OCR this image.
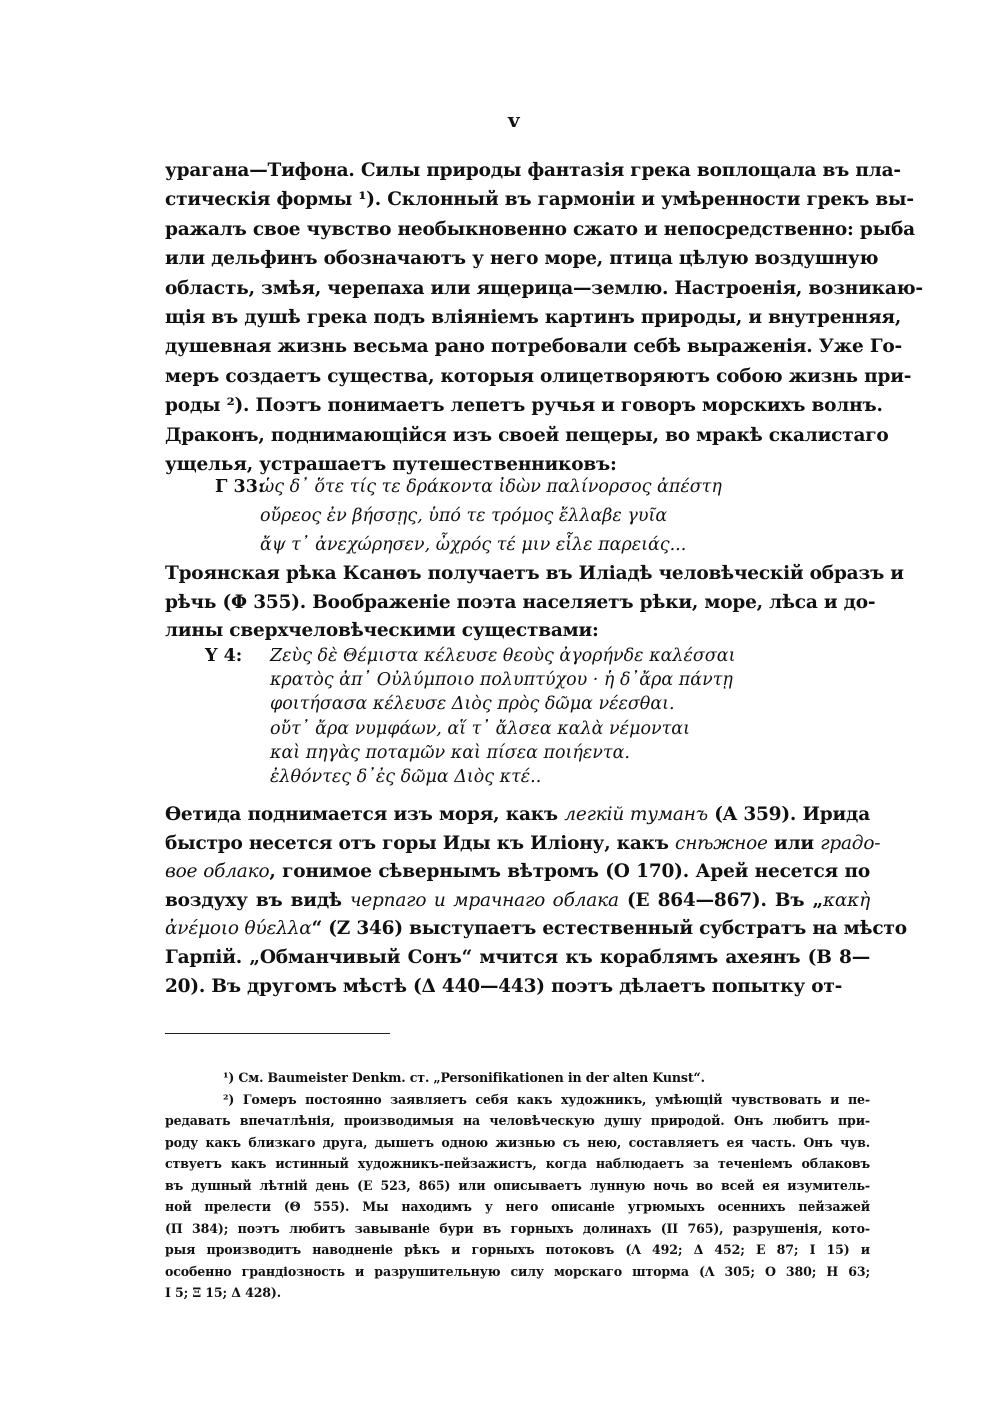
v
урагана—Тифона. Силы природы фантазія грека воплощала въ пла-
стическія формы ¹). Склонный въ гармоніи и умѣренности грекъ вы-
ражалъ свое чувство необыкновенно сжато и непосредственно: рыба
или дельфинъ обозначаютъ у него море, птица цѣлую воздушную
область, змѣя, черепаха или ящерица—землю. Настроенія, возникаю-
щія въ душѣ грека подъ вліяніемъ картинъ природы, и внутренняя,
душевная жизнь весьма рано потребовали себѣ выраженія. Уже Го-
меръ создаетъ существа, которыя олицетворяютъ собою жизнь при-
роды ²). Поэтъ понимаетъ лепетъ ручья и говоръ морскихъ волнъ.
Драконъ, поднимающійся изъ своей пещеры, во мракѣ скалистаго
ущелья, устрашаетъ путешественниковъ:
Γ 33:ὡς δ᾽ ὅτε τίς τε δράκοντα ἰδὼν παλίνορσος ἀπέστη
οὔρεος ἐν βήσσῃς, ὑπό τε τρόμος ἔλλαβε γυῖα
ἄψ τ᾽ ἀνεχώρησεν, ὦχρός τέ μιν εἷλε παρειάς...
Троянская рѣка Ксанѳъ получаетъ въ Иліадѣ человѣческій образъ и
рѣчь (Φ 355). Воображеніе поэта населяетъ рѣки, море, лѣса и до-
лины сверхчеловѣческими существами:
Υ 4: Ζεὺς δὲ Θέμιστα κέλευσε θεοὺς ἀγορήνδε καλέσσαι
κρατὸς ἀπ᾽ Οὐλύμποιο πολυπτύχου · ἡ δ᾽ἄρα πάντῃ
φοιτήσασα κέλευσε Διὸς πρὸς δῶμα νέεσθαι.
οὔτ᾽ ἄρα νυμφάων, αἵ τ᾽ ἄλσεα καλὰ νέμονται
καὶ πηγὰς ποταμῶν καὶ πίσεα ποιήεντα.
ἐλθόντες δ᾽ἐς δῶμα Διὸς κτέ..
Ѳетида поднимается изъ моря, какъ легкій туманъ (Α 359). Ирида
быстро несется отъ горы Иды къ Иліону, какъ снѣжное или градо-
вое облако, гонимое сѣвернымъ вѣтромъ (Ο 170). Арей несется по
воздуху въ видѣ черпаго и мрачнаго облака (Ε 864—867). Въ „κακὴ
ἀνέμοιο θύελλα“ (Ζ 346) выступаетъ естественный субстратъ на мѣсто
Гарпій. „Обманчивый Сонъ“ мчится къ кораблямъ ахеянъ (Β 8—
20). Въ другомъ мѣстѣ (Δ 440—443) поэтъ дѣлаетъ попытку от-
¹) См. Baumeister Denkm. ст. „Personifikationen in der alten Kunst“.
²) Гомеръ постоянно заявляетъ себя какъ художникъ, умѣющій чувствовать и пе-
редавать впечатлѣнія, производимыя на человѣческую душу природой. Онъ любитъ при-
роду какъ близкаго друга, дышетъ одною жизнью съ нею, составляетъ ея часть. Онъ чув.
ствуетъ какъ истинный художникъ-пейзажистъ, когда наблюдаетъ за теченіемъ облаковъ
въ душный лѣтній день (Ε 523, 865) или описываетъ лунную ночь во всей ея изумитель-
ной прелести (Θ 555). Мы находимъ у него описаніе угрюмыхъ осеннихъ пейзажей
(Π 384); поэтъ любитъ завываніе бури въ горныхъ долинахъ (ΙΙ 765), разрушенія, кото-
рыя производитъ наводненіе рѣкъ и горныхъ потоковъ (Λ 492; Δ 452; Ε 87; Ι 15) и
особенно грандіозность и разрушительную силу морскаго шторма (Λ 305; Ο 380; Η 63;
Ι 5; Ξ 15; Δ 428).
